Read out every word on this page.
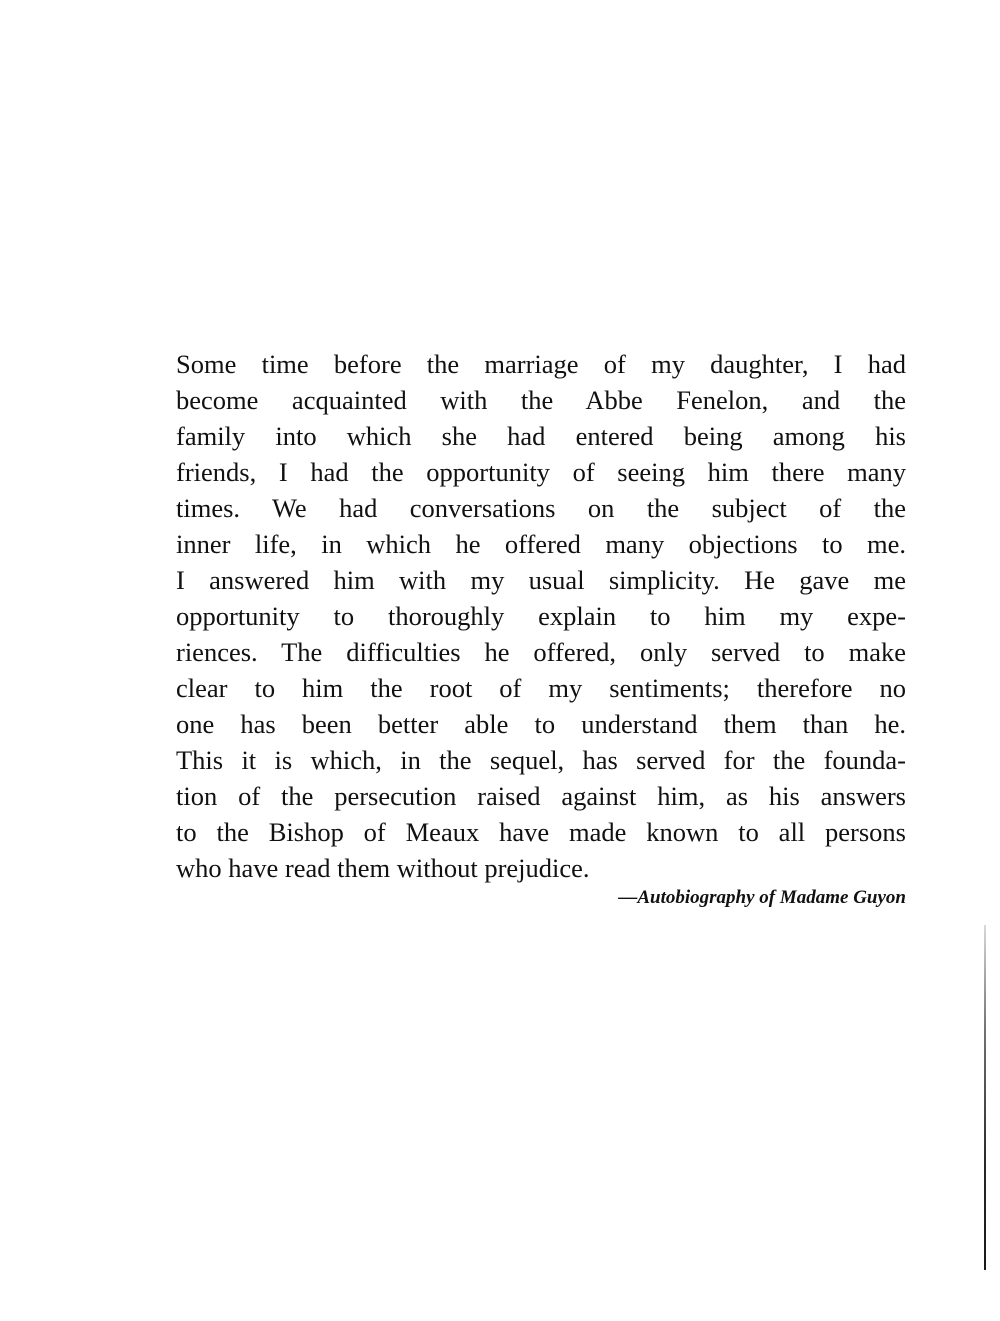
Some time before the marriage of my daughter, I had
become acquainted with the Abbe Fenelon, and the
family into which she had entered being among his
friends, I had the opportunity of seeing him there many
times. We had conversations on the subject of the
inner life, in which he offered many objections to me.
I answered him with my usual simplicity. He gave me
opportunity to thoroughly explain to him my expe-
riences. The difficulties he offered, only served to make
clear to him the root of my sentiments; therefore no
one has been better able to understand them than he.
This it is which, in the sequel, has served for the founda-
tion of the persecution raised against him, as his answers
to the Bishop of Meaux have made known to all persons
who have read them without prejudice.
—Autobiography of Madame Guyon
